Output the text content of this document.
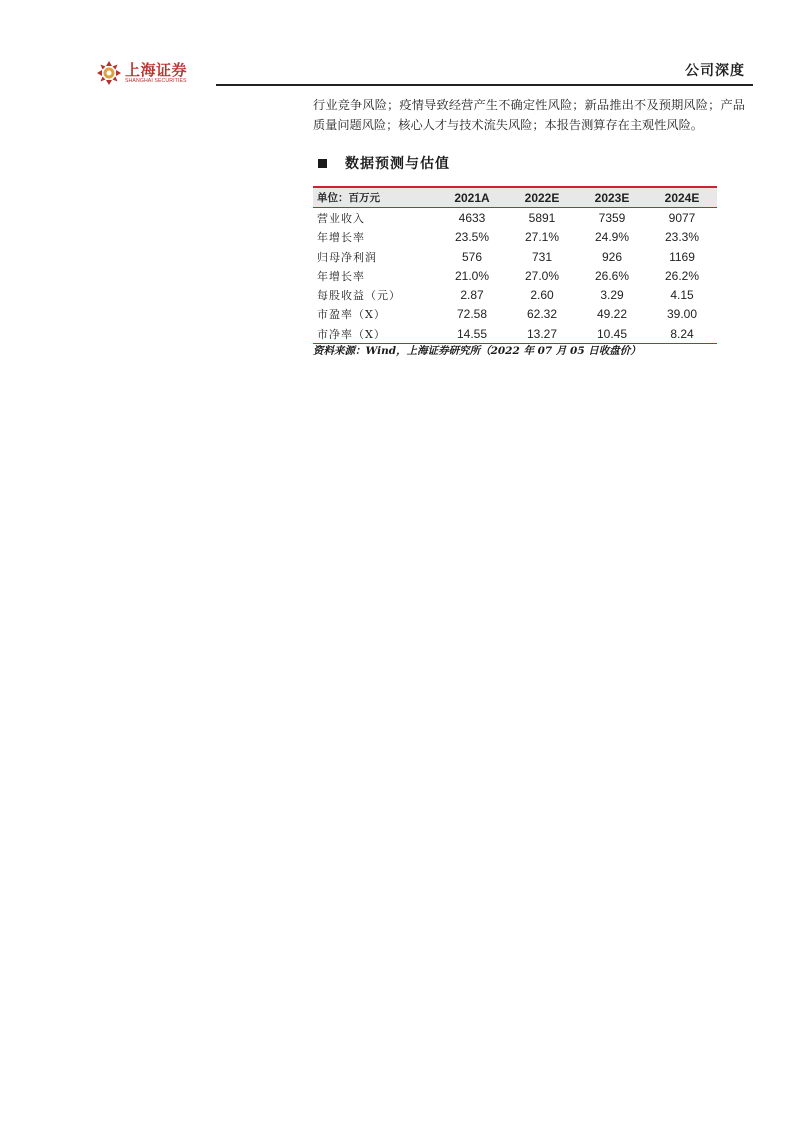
上海证券
SHANGHAI SECURITIES
公司深度

行业竞争风险；疫情导致经营产生不确定性风险；新品推出不及预期风险；产品质量问题风险；核心人才与技术流失风险；本报告测算存在主观性风险。

数据预测与估值
单位：百万元	2021A	2022E	2023E	2024E
营业收入	4633	5891	7359	9077
年增长率	23.5%	27.1%	24.9%	23.3%
归母净利润	576	731	926	1169
年增长率	21.0%	27.0%	26.6%	26.2%
每股收益（元）	2.87	2.60	3.29	4.15
市盈率（X）	72.58	62.32	49.22	39.00
市净率（X）	14.55	13.27	10.45	8.24
资料来源：Wind，上海证券研究所（2022 年 07 月 05 日收盘价）
